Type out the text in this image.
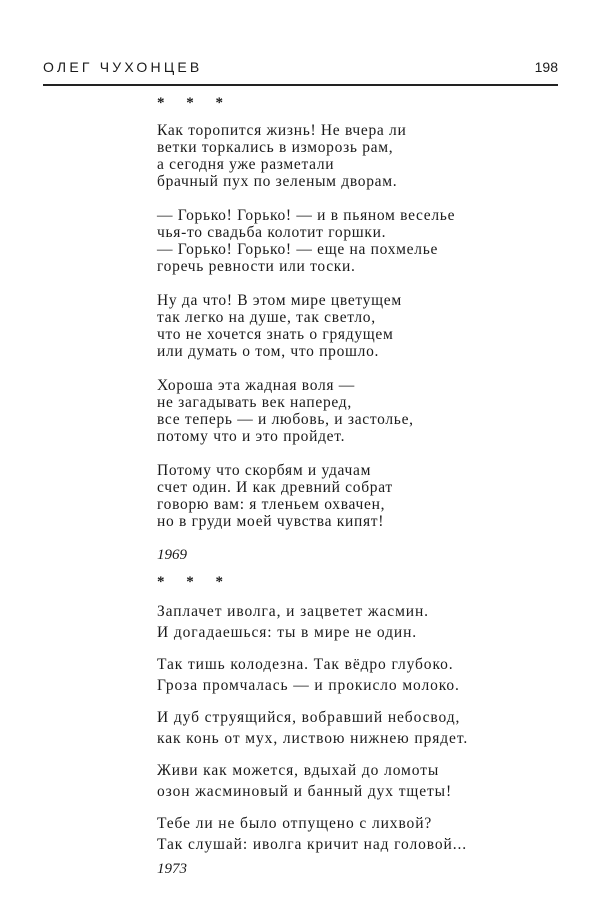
ОЛЕГ ЧУХОНЦЕВ	198
* * *
Как торопится жизнь! Не вчера ли
ветки торкались в изморозь рам,
а сегодня уже разметали
брачный пух по зеленым дворам.
— Горько! Горько! — и в пьяном веселье
чья-то свадьба колотит горшки.
— Горько! Горько! — еще на похмелье
горечь ревности или тоски.
Ну да что! В этом мире цветущем
так легко на душе, так светло,
что не хочется знать о грядущем
или думать о том, что прошло.
Хороша эта жадная воля —
не загадывать век наперед,
все теперь — и любовь, и застолье,
потому что и это пройдет.
Потому что скорбям и удачам
счет один. И как древний собрат
говорю вам: я тленьем охвачен,
но в груди моей чувства кипят!
1969
* * *
Заплачет иволга, и зацветет жасмин.
И догадаешься: ты в мире не один.
Так тишь колодезна. Так вёдро глубоко.
Гроза промчалась — и прокисло молоко.
И дуб струящийся, вобравший небосвод,
как конь от мух, листвою нижнею прядет.
Живи как можется, вдыхай до ломоты
озон жасминовый и банный дух тщеты!
Тебе ли не было отпущено с лихвой?
Так слушай: иволга кричит над головой...
1973
